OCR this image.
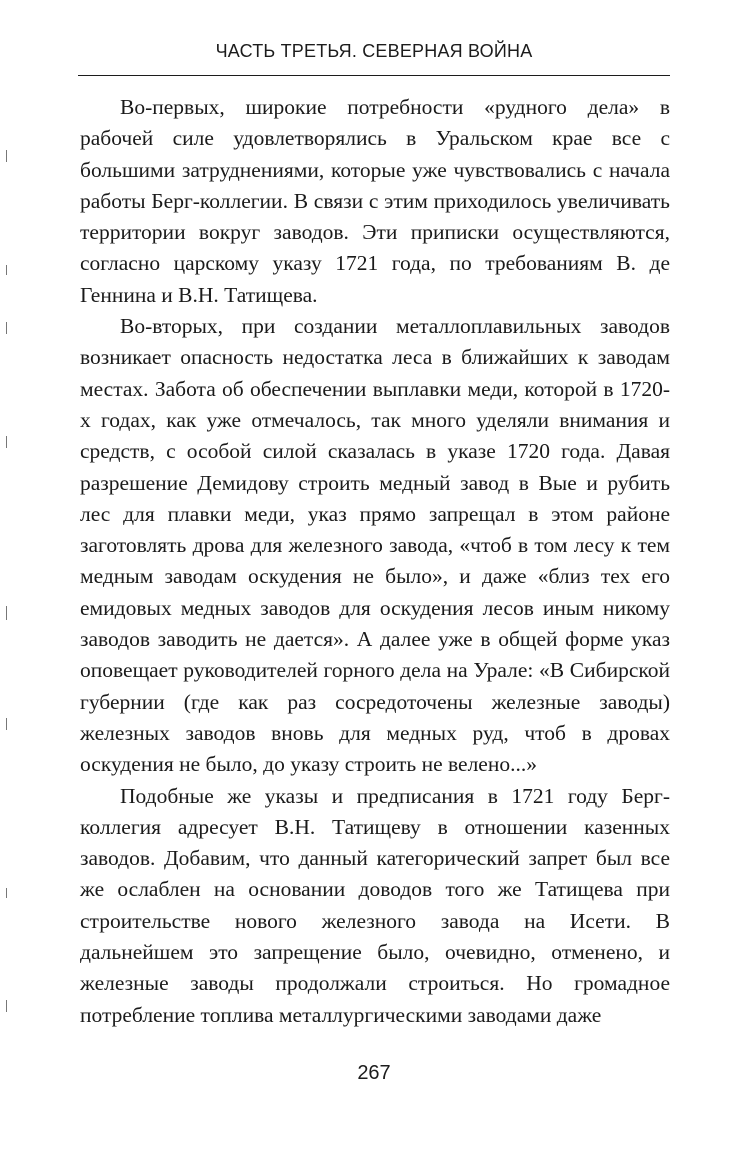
ЧАСТЬ ТРЕТЬЯ. СЕВЕРНАЯ ВОЙНА

Во-первых, широкие потребности «рудного дела» в рабочей силе удовлетворялись в Уральском крае все с большими затруднениями, которые уже чувствовались с начала работы Берг-коллегии. В связи с этим приходилось увеличивать территории вокруг заводов. Эти приписки осуществляются, согласно царскому указу 1721 года, по требованиям В. де Геннина и В.Н. Татищева.

Во-вторых, при создании металлоплавильных заводов возникает опасность недостатка леса в ближайших к заводам местах. Забота об обеспечении выплавки меди, которой в 1720-х годах, как уже отмечалось, так много уделяли внимания и средств, с особой силой сказалась в указе 1720 года. Давая разрешение Демидову строить медный завод в Вые и рубить лес для плавки меди, указ прямо запрещал в этом районе заготовлять дрова для железного завода, «чтоб в том лесу к тем медным заводам оскудения не было», и даже «близ тех его емидовых медных заводов для оскудения лесов иным никому заводов заводить не дается». А далее уже в общей форме указ оповещает руководителей горного дела на Урале: «В Сибирской губернии (где как раз сосредоточены железные заводы) железных заводов вновь для медных руд, чтоб в дровах оскудения не было, до указу строить не велено...»

Подобные же указы и предписания в 1721 году Берг-коллегия адресует В.Н. Татищеву в отношении казенных заводов. Добавим, что данный категорический запрет был все же ослаблен на основании доводов того же Татищева при строительстве нового железного завода на Исети. В дальнейшем это запрещение было, очевидно, отменено, и железные заводы продолжали строиться. Но громадное потребление топлива металлургическими заводами даже

267
